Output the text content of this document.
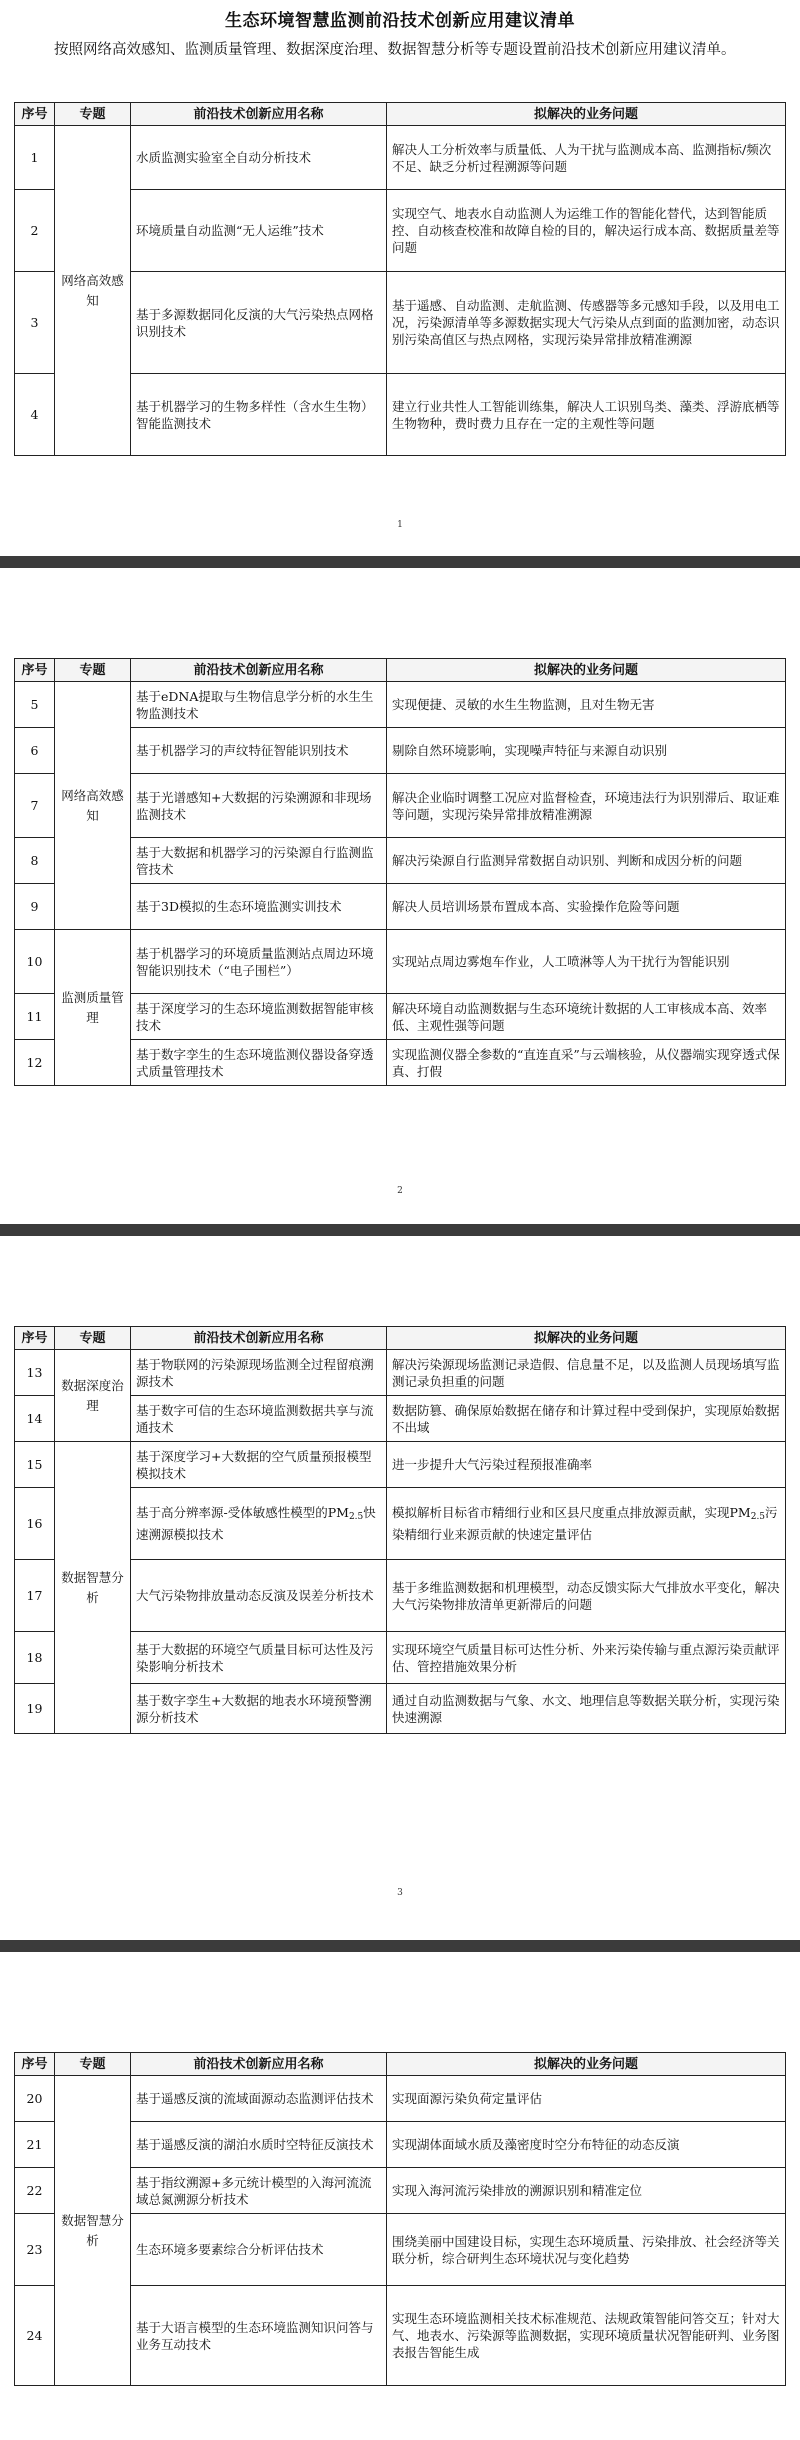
生态环境智慧监测前沿技术创新应用建议清单
按照网络高效感知、监测质量管理、数据深度治理、数据智慧分析等专题设置前沿技术创新应用建议清单。
序号	专题	前沿技术创新应用名称	拟解决的业务问题
1	网络高效感知	水质监测实验室全自动分析技术	解决人工分析效率与质量低、人为干扰与监测成本高、监测指标/频次不足、缺乏分析过程溯源等问题
2		环境质量自动监测“无人运维”技术	实现空气、地表水自动监测人为运维工作的智能化替代，达到智能质控、自动核查校准和故障自检的目的，解决运行成本高、数据质量差等问题
3		基于多源数据同化反演的大气污染热点网格识别技术	基于遥感、自动监测、走航监测、传感器等多元感知手段，以及用电工况，污染源清单等多源数据实现大气污染从点到面的监测加密，动态识别污染高值区与热点网格，实现污染异常排放精准溯源
4		基于机器学习的生物多样性（含水生生物）智能监测技术	建立行业共性人工智能训练集，解决人工识别鸟类、藻类、浮游底栖等生物物种，费时费力且存在一定的主观性等问题
1
序号	专题	前沿技术创新应用名称	拟解决的业务问题
5	网络高效感知	基于eDNA提取与生物信息学分析的水生生物监测技术	实现便捷、灵敏的水生生物监测，且对生物无害
6		基于机器学习的声纹特征智能识别技术	剔除自然环境影响，实现噪声特征与来源自动识别
7		基于光谱感知+大数据的污染溯源和非现场监测技术	解决企业临时调整工况应对监督检查，环境违法行为识别滞后、取证难等问题，实现污染异常排放精准溯源
8		基于大数据和机器学习的污染源自行监测监管技术	解决污染源自行监测异常数据自动识别、判断和成因分析的问题
9		基于3D模拟的生态环境监测实训技术	解决人员培训场景布置成本高、实验操作危险等问题
10	监测质量管理	基于机器学习的环境质量监测站点周边环境智能识别技术（“电子围栏”）	实现站点周边雾炮车作业，人工喷淋等人为干扰行为智能识别
11		基于深度学习的生态环境监测数据智能审核技术	解决环境自动监测数据与生态环境统计数据的人工审核成本高、效率低、主观性强等问题
12		基于数字孪生的生态环境监测仪器设备穿透式质量管理技术	实现监测仪器全参数的“直连直采”与云端核验，从仪器端实现穿透式保真、打假
2
序号	专题	前沿技术创新应用名称	拟解决的业务问题
13	数据深度治理	基于物联网的污染源现场监测全过程留痕溯源技术	解决污染源现场监测记录造假、信息量不足，以及监测人员现场填写监测记录负担重的问题
14		基于数字可信的生态环境监测数据共享与流通技术	数据防篡、确保原始数据在储存和计算过程中受到保护，实现原始数据不出域
15	数据智慧分析	基于深度学习+大数据的空气质量预报模型模拟技术	进一步提升大气污染过程预报准确率
16		基于高分辨率源-受体敏感性模型的$PM_{2.5}$快速溯源模拟技术	模拟解析目标省市精细行业和区县尺度重点排放源贡献，实现$PM_{2.5}$污染精细行业来源贡献的快速定量评估
17		大气污染物排放量动态反演及误差分析技术	基于多维监测数据和机理模型，动态反馈实际大气排放水平变化，解决大气污染物排放清单更新滞后的问题
18		基于大数据的环境空气质量目标可达性及污染影响分析技术	实现环境空气质量目标可达性分析、外来污染传输与重点源污染贡献评估、管控措施效果分析
19		基于数字孪生+大数据的地表水环境预警溯源分析技术	通过自动监测数据与气象、水文、地理信息等数据关联分析，实现污染快速溯源
3
序号	专题	前沿技术创新应用名称	拟解决的业务问题
20	数据智慧分析	基于遥感反演的流域面源动态监测评估技术	实现面源污染负荷定量评估
21		基于遥感反演的湖泊水质时空特征反演技术	实现湖体面域水质及藻密度时空分布特征的动态反演
22		基于指纹溯源+多元统计模型的入海河流流域总氮溯源分析技术	实现入海河流污染排放的溯源识别和精准定位
23		生态环境多要素综合分析评估技术	围绕美丽中国建设目标，实现生态环境质量、污染排放、社会经济等关联分析，综合研判生态环境状况与变化趋势
24		基于大语言模型的生态环境监测知识问答与业务互动技术	实现生态环境监测相关技术标准规范、法规政策智能问答交互；针对大气、地表水、污染源等监测数据，实现环境质量状况智能研判、业务图表报告智能生成
